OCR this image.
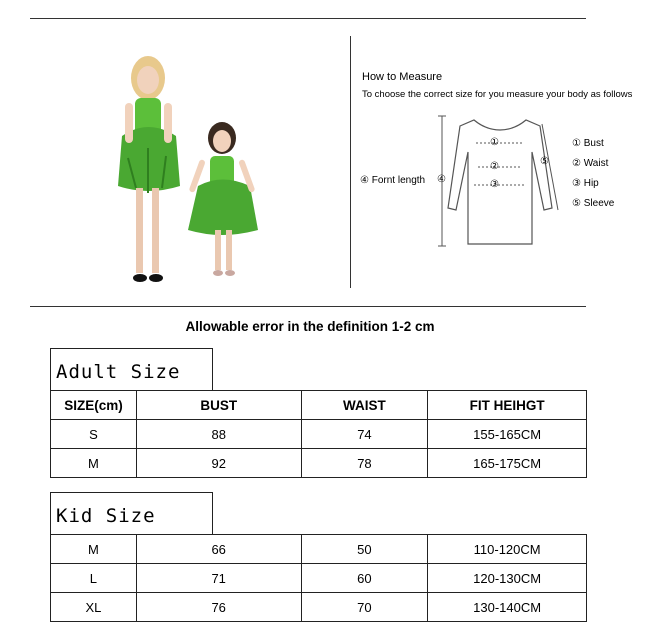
How to Measure
To choose the correct size for you measure your body as follows
④ Fornt length
①
②
③
④
⑤
① Bust
② Waist
③ Hip
⑤ Sleeve
Allowable error in the definition 1-2 cm
Adult Size
SIZE(cm)	BUST	WAIST	FIT HEIHGT
S	88	74	155-165CM
M	92	78	165-175CM
Kid Size
M	66	50	110-120CM
L	71	60	120-130CM
XL	76	70	130-140CM
